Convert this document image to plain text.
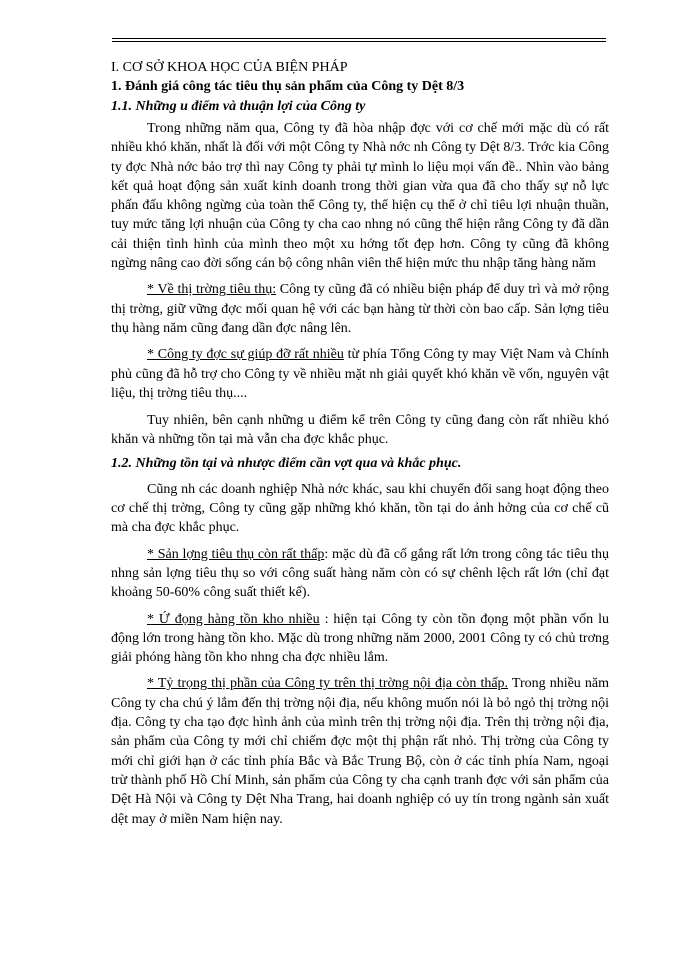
I. CƠ SỞ KHOA HỌC CỦA BIỆN PHÁP
1. Đánh giá công tác tiêu thụ sản phẩm của Công ty Dệt 8/3
1.1. Những u điểm và thuận lợi của Công ty

Trong những năm qua, Công ty đã hòa nhập đợc với cơ chế mới mặc dù có rất nhiều khó khăn, nhất là đối với một Công ty Nhà nớc nh Công ty Dệt 8/3. Trớc kia Công ty đợc Nhà nớc bảo trợ thì nay Công ty phải tự mình lo liệu mọi vấn đề.. Nhìn vào bảng kết quả hoạt động sản xuất kinh doanh trong thời gian vừa qua đã cho thấy sự nỗ lực phấn đấu không ngừng của toàn thể Công ty, thể hiện cụ thể ở chỉ tiêu lợi nhuận thuần, tuy mức tăng lợi nhuận của Công ty cha cao nhng nó cũng thể hiện rằng Công ty đã dần cải thiện tình hình của mình theo một xu hớng tốt đẹp hơn. Công ty cũng đã không ngừng nâng cao đời sống cán bộ công nhân viên thể hiện mức thu nhập tăng hàng năm

* Về thị trờng tiêu thụ: Công ty cũng đã có nhiều biện pháp để duy trì và mở rộng thị trờng, giữ vững đợc mối quan hệ với các bạn hàng từ thời còn bao cấp. Sản lợng tiêu thụ hàng năm cũng đang dần đợc nâng lên.

* Công ty đợc sự giúp đỡ rất nhiều từ phía Tổng Công ty may Việt Nam và Chính phủ cũng đã hỗ trợ cho Công ty về nhiều mặt nh giải quyết khó khăn về vốn, nguyên vật liệu, thị trờng tiêu thụ....

Tuy nhiên, bên cạnh những u điểm kể trên Công ty cũng đang còn rất nhiều khó khăn và những tồn tại mà vẫn cha đợc khắc phục.

1.2. Những tồn tại và nhược điểm cần vợt qua và khắc phục.

Cũng nh các doanh nghiệp Nhà nớc khác, sau khi chuyển đổi sang hoạt động theo cơ chế thị trờng, Công ty cũng gặp những khó khăn, tồn tại do ảnh hởng của cơ chế cũ mà cha đợc khắc phục.

* Sản lợng tiêu thụ còn rất thấp: mặc dù đã cố gắng rất lớn trong công tác tiêu thụ nhng sản lợng tiêu thụ so với công suất hàng năm còn có sự chênh lệch rất lớn (chỉ đạt khoảng 50-60% công suất thiết kế).

* Ứ đọng hàng tồn kho nhiều : hiện tại Công ty còn tồn đọng một phần vốn lu động lớn trong hàng tồn kho. Mặc dù trong những năm 2000, 2001 Công ty có chủ trơng giải phóng hàng tồn kho nhng cha đợc nhiều lắm.

* Tỷ trọng thị phần của Công ty trên thị trờng nội địa còn thấp. Trong nhiều năm Công ty cha chú ý lắm đến thị trờng nội địa, nếu không muốn nói là bỏ ngỏ thị trờng nội địa. Công ty cha tạo đợc hình ảnh của mình trên thị trờng nội địa. Trên thị trờng nội địa, sản phẩm của Công ty mới chỉ chiếm đợc một thị phận rất nhỏ. Thị trờng của Công ty mới chỉ giới hạn ở các tỉnh phía Bắc và Bắc Trung Bộ, còn ở các tỉnh phía Nam, ngoại trừ thành phố Hồ Chí Minh, sản phẩm của Công ty cha cạnh tranh đợc với sản phẩm của Dệt Hà Nội và Công ty Dệt Nha Trang, hai doanh nghiệp có uy tín trong ngành sản xuất dệt may ở miền Nam hiện nay.
